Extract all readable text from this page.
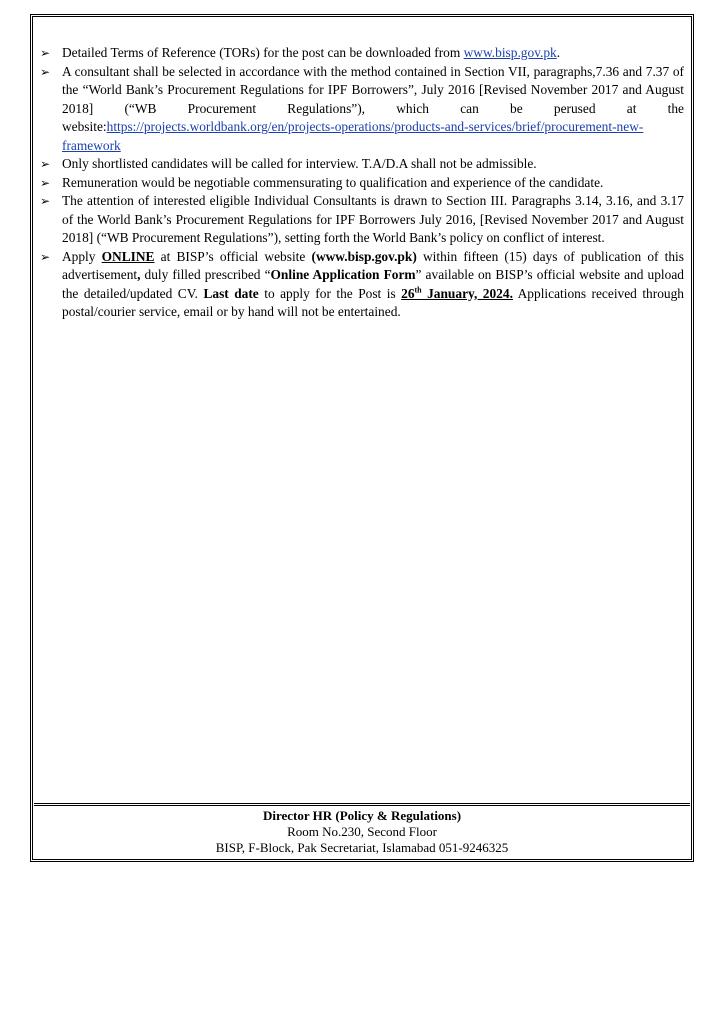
➢ Detailed Terms of Reference (TORs) for the post can be downloaded from www.bisp.gov.pk.
➢ A consultant shall be selected in accordance with the method contained in Section VII, paragraphs,7.36 and 7.37 of the “World Bank’s Procurement Regulations for IPF Borrowers”, July 2016 [Revised November 2017 and August 2018] (“WB Procurement Regulations”), which can be perused at the website:https://projects.worldbank.org/en/projects-operations/products-and-services/brief/procurement-new-framework
➢ Only shortlisted candidates will be called for interview. T.A/D.A shall not be admissible.
➢ Remuneration would be negotiable commensurating to qualification and experience of the candidate.
➢ The attention of interested eligible Individual Consultants is drawn to Section III. Paragraphs 3.14, 3.16, and 3.17 of the World Bank’s Procurement Regulations for IPF Borrowers July 2016, [Revised November 2017 and August 2018] (“WB Procurement Regulations”), setting forth the World Bank’s policy on conflict of interest.
➢ Apply ONLINE at BISP’s official website (www.bisp.gov.pk) within fifteen (15) days of publication of this advertisement, duly filled prescribed “Online Application Form” available on BISP’s official website and upload the detailed/updated CV. Last date to apply for the Post is 26th January, 2024. Applications received through postal/courier service, email or by hand will not be entertained.
Director HR (Policy & Regulations)
Room No.230, Second Floor
BISP, F-Block, Pak Secretariat, Islamabad 051-9246325
